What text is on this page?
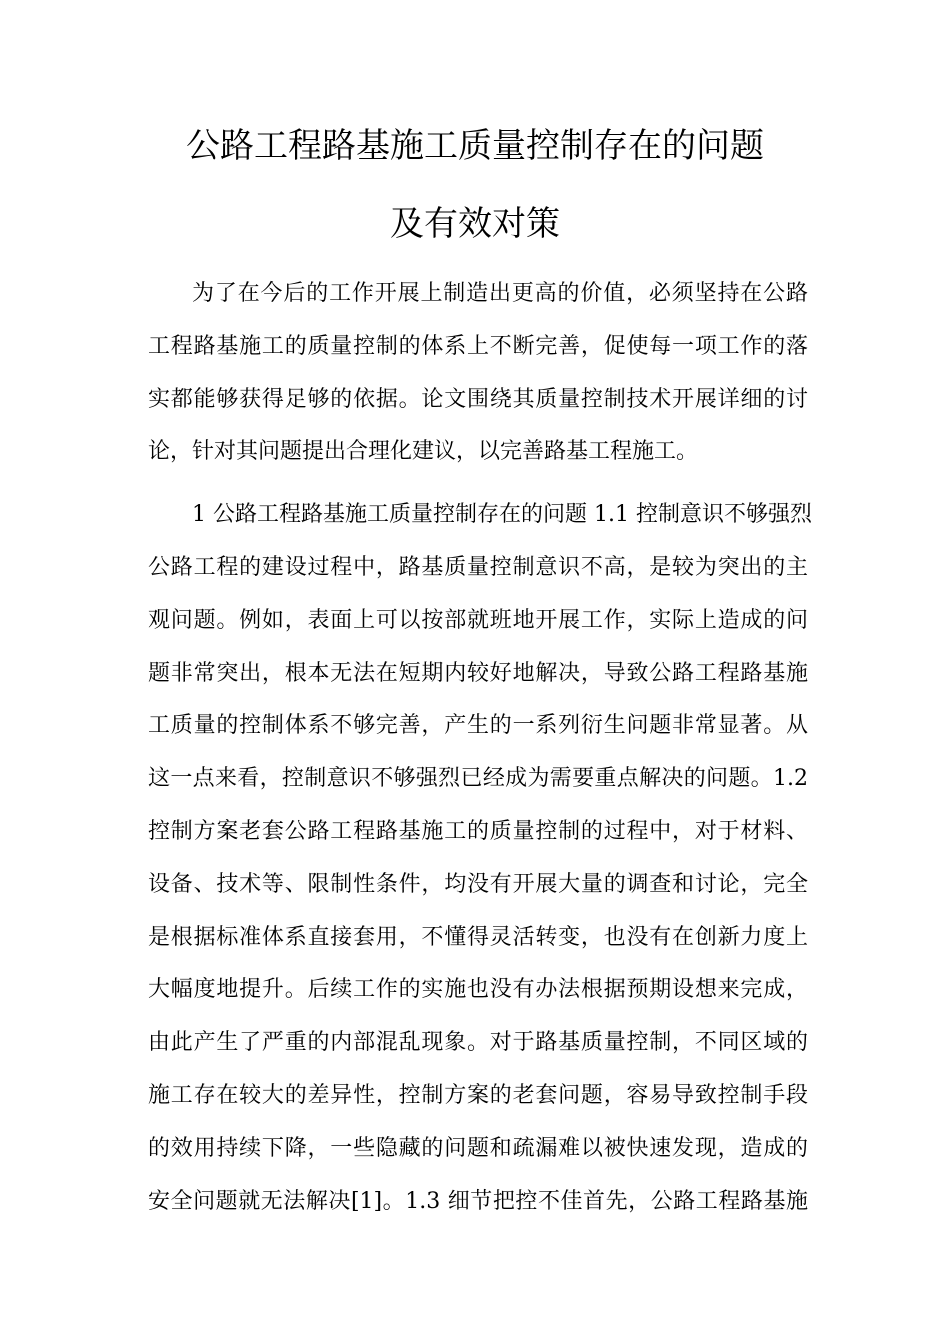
公路工程路基施工质量控制存在的问题
及有效对策
为了在今后的工作开展上制造出更高的价值，必须坚持在公路
工程路基施工的质量控制的体系上不断完善，促使每一项工作的落
实都能够获得足够的依据。论文围绕其质量控制技术开展详细的讨
论，针对其问题提出合理化建议，以完善路基工程施工。
1 公路工程路基施工质量控制存在的问题 1.1 控制意识不够强烈
公路工程的建设过程中，路基质量控制意识不高，是较为突出的主
观问题。例如，表面上可以按部就班地开展工作，实际上造成的问
题非常突出，根本无法在短期内较好地解决，导致公路工程路基施
工质量的控制体系不够完善，产生的一系列衍生问题非常显著。从
这一点来看，控制意识不够强烈已经成为需要重点解决的问题。1.2
控制方案老套公路工程路基施工的质量控制的过程中，对于材料、
设备、技术等、限制性条件，均没有开展大量的调查和讨论，完全
是根据标准体系直接套用，不懂得灵活转变，也没有在创新力度上
大幅度地提升。后续工作的实施也没有办法根据预期设想来完成，
由此产生了严重的内部混乱现象。对于路基质量控制，不同区域的
施工存在较大的差异性，控制方案的老套问题，容易导致控制手段
的效用持续下降，一些隐藏的问题和疏漏难以被快速发现，造成的
安全问题就无法解决[1]。1.3 细节把控不佳首先，公路工程路基施
